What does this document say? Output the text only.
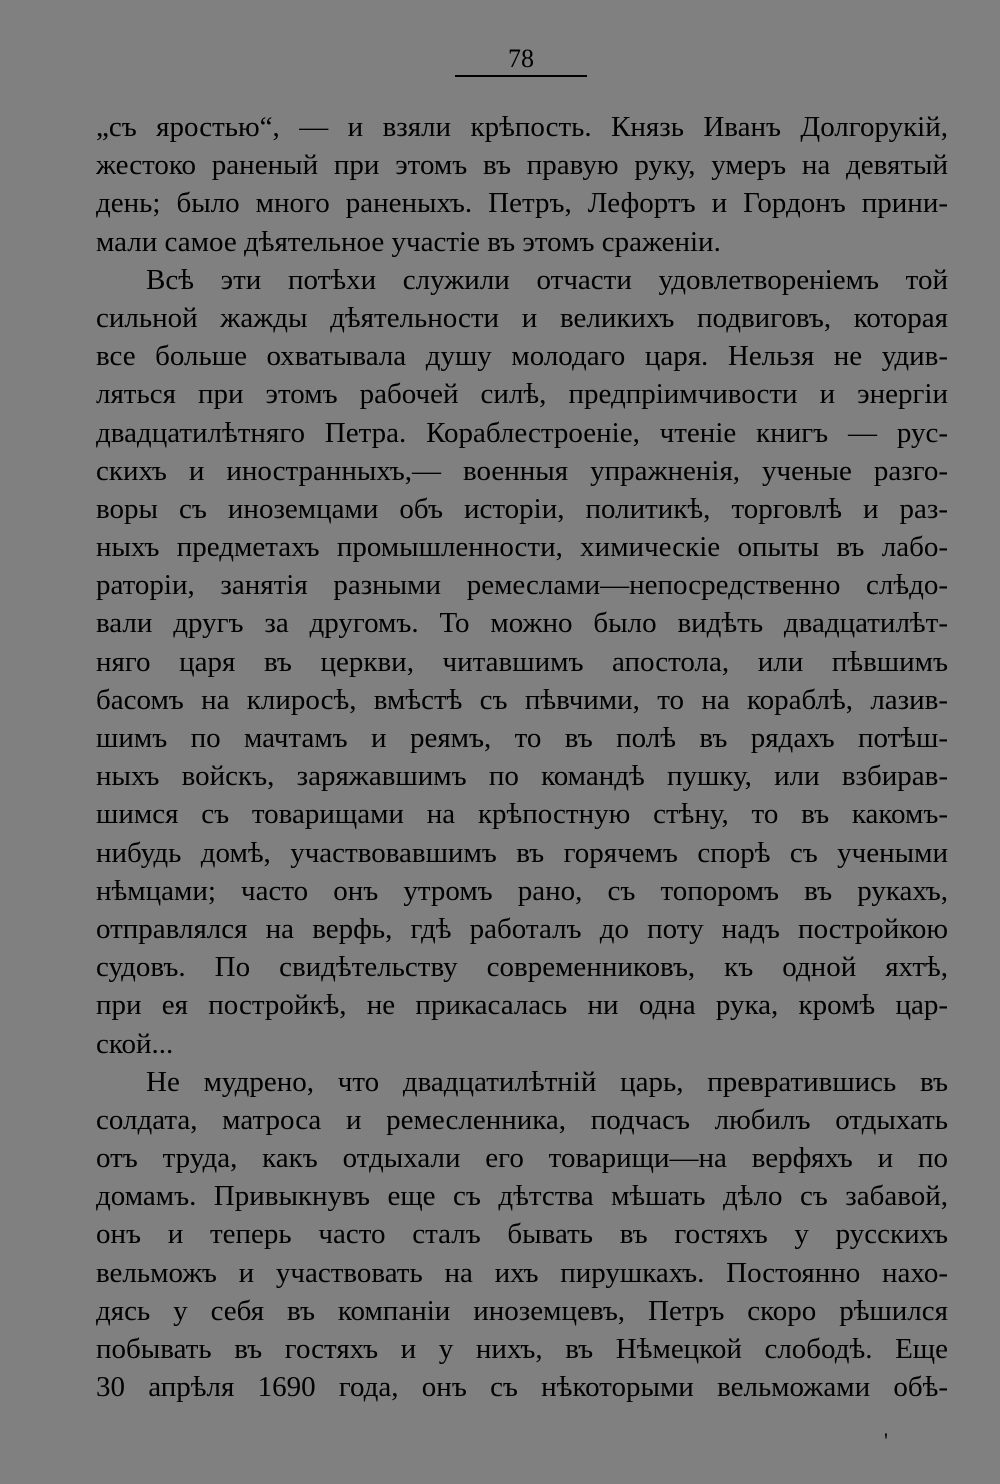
78
„съ яростью“, — и взяли крѣпость. Князь Иванъ Долгорукій,
жестоко раненый при этомъ въ правую руку, умеръ на девятый
день; было много раненыхъ. Петръ, Лефортъ и Гордонъ прини-
мали самое дѣятельное участіе въ этомъ сраженіи.
Всѣ эти потѣхи служили отчасти удовлетвореніемъ той
сильной жажды дѣятельности и великихъ подвиговъ, которая
все больше охватывала душу молодаго царя. Нельзя не удив-
ляться при этомъ рабочей силѣ, предпріимчивости и энергіи
двадцатилѣтняго Петра. Кораблестроеніе, чтеніе книгъ — рус-
скихъ и иностранныхъ,— военныя упражненія, ученые разго-
воры съ иноземцами объ исторіи, политикѣ, торговлѣ и раз-
ныхъ предметахъ промышленности, химическіе опыты въ лабо-
раторіи, занятія разными ремеслами—непосредственно слѣдо-
вали другъ за другомъ. То можно было видѣть двадцатилѣт-
няго царя въ церкви, читавшимъ апостола, или пѣвшимъ
басомъ на клиросѣ, вмѣстѣ съ пѣвчими, то на кораблѣ, лазив-
шимъ по мачтамъ и реямъ, то въ полѣ въ рядахъ потѣш-
ныхъ войскъ, заряжавшимъ по командѣ пушку, или взбирав-
шимся съ товарищами на крѣпостную стѣну, то въ какомъ-
нибудь домѣ, участвовавшимъ въ горячемъ спорѣ съ учеными
нѣмцами; часто онъ утромъ рано, съ топоромъ въ рукахъ,
отправлялся на верфь, гдѣ работалъ до поту надъ постройкою
судовъ. По свидѣтельству современниковъ, къ одной яхтѣ,
при ея постройкѣ, не прикасалась ни одна рука, кромѣ цар-
ской...
Не мудрено, что двадцатилѣтній царь, превратившись въ
солдата, матроса и ремесленника, подчасъ любилъ отдыхать
отъ труда, какъ отдыхали его товарищи—на верфяхъ и по
домамъ. Привыкнувъ еще съ дѣтства мѣшать дѣло съ забавой,
онъ и теперь часто сталъ бывать въ гостяхъ у русскихъ
вельможъ и участвовать на ихъ пирушкахъ. Постоянно нахо-
дясь у себя въ компаніи иноземцевъ, Петръ скоро рѣшился
побывать въ гостяхъ и у нихъ, въ Нѣмецкой слободѣ. Еще
30 апрѣля 1690 года, онъ съ нѣкоторыми вельможами обѣ-
'
